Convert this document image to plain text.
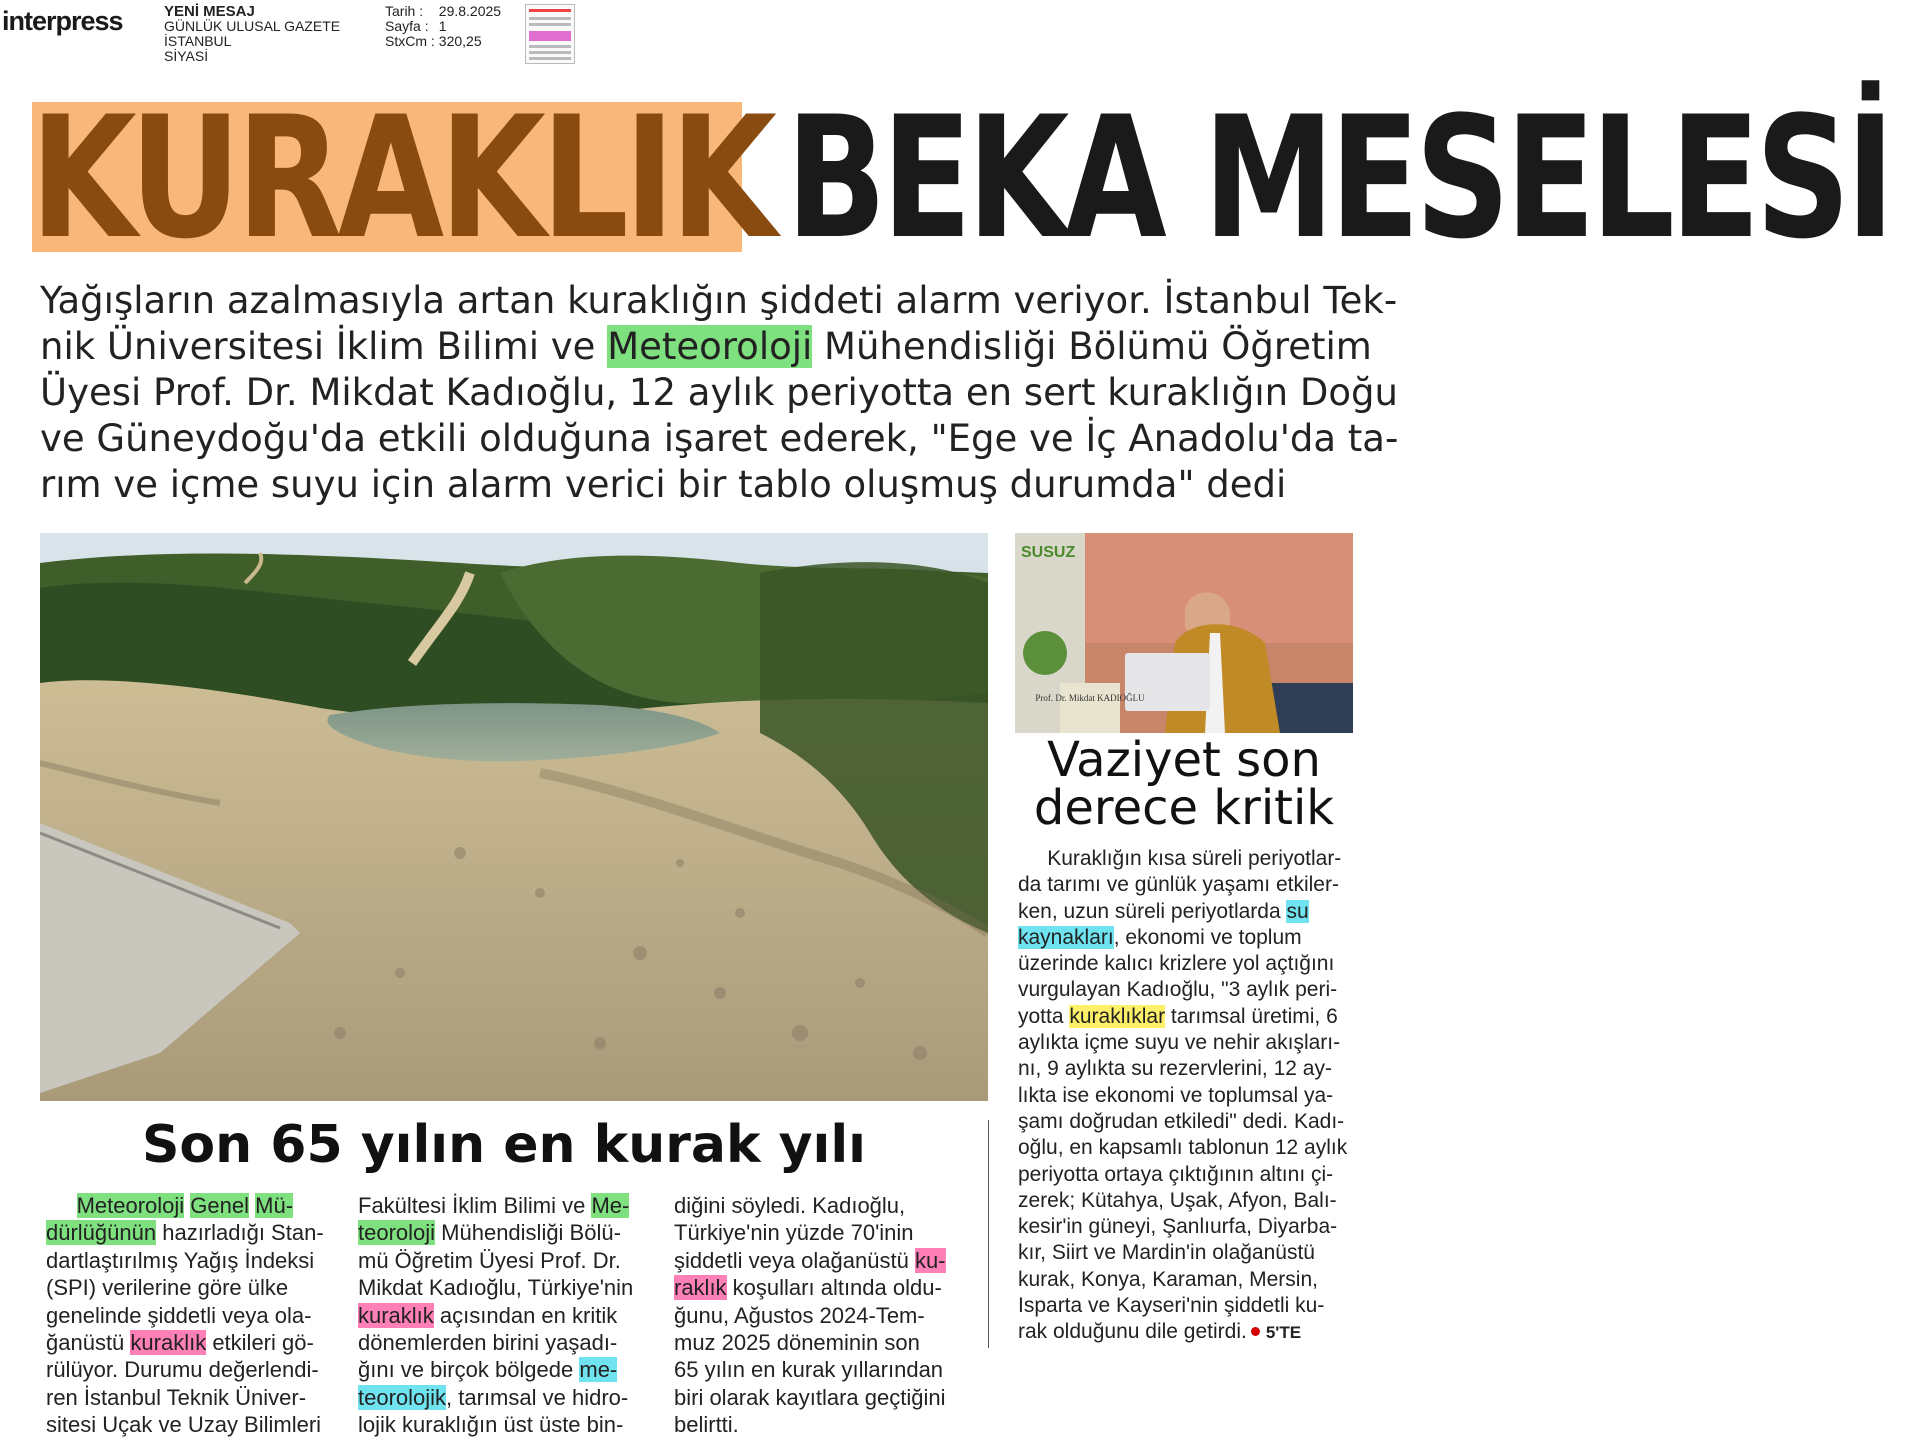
interpress	YENİ MESAJ
GÜNLÜK ULUSAL GAZETE
İSTANBUL
SİYASİ
Tarih :	29.8.2025
Sayfa :	1
StxCm :	320,25
KURAKLIK BEKA MESELESİ
Yağışların azalmasıyla artan kuraklığın şiddeti alarm veriyor. İstanbul Tek-
nik Üniversitesi İklim Bilimi ve Meteoroloji Mühendisliği Bölümü Öğretim
Üyesi Prof. Dr. Mikdat Kadıoğlu, 12 aylık periyotta en sert kuraklığın Doğu
ve Güneydoğu'da etkili olduğuna işaret ederek, "Ege ve İç Anadolu'da ta-
rım ve içme suyu için alarm verici bir tablo oluşmuş durumda" dedi
SUSUZ
Prof. Dr. Mikdat KADIOĞLU
Son 65 yılın en kurak yılı
Vaziyet son
derece kritik
Meteoroloji Genel Mü-
dürlüğünün hazırladığı Stan-
dartlaştırılmış Yağış İndeksi
(SPI) verilerine göre ülke
genelinde şiddetli veya ola-
ğanüstü kuraklık etkileri gö-
rülüyor. Durumu değerlendi-
ren İstanbul Teknik Üniver-
sitesi Uçak ve Uzay Bilimleri
Fakültesi İklim Bilimi ve Me-
teoroloji Mühendisliği Bölü-
mü Öğretim Üyesi Prof. Dr.
Mikdat Kadıoğlu, Türkiye'nin
kuraklık açısından en kritik
dönemlerden birini yaşadı-
ğını ve birçok bölgede me-
teorolojik, tarımsal ve hidro-
lojik kuraklığın üst üste bin-
diğini söyledi. Kadıoğlu,
Türkiye'nin yüzde 70'inin
şiddetli veya olağanüstü ku-
raklık koşulları altında oldu-
ğunu, Ağustos 2024-Tem-
muz 2025 döneminin son
65 yılın en kurak yıllarından
biri olarak kayıtlara geçtiğini
belirtti.
Kuraklığın kısa süreli periyotlar-
da tarımı ve günlük yaşamı etkiler-
ken, uzun süreli periyotlarda su
kaynakları, ekonomi ve toplum
üzerinde kalıcı krizlere yol açtığını
vurgulayan Kadıoğlu, "3 aylık peri-
yotta kuraklıklar tarımsal üretimi, 6
aylıkta içme suyu ve nehir akışları-
nı, 9 aylıkta su rezervlerini, 12 ay-
lıkta ise ekonomi ve toplumsal ya-
şamı doğrudan etkiledi" dedi. Kadı-
oğlu, en kapsamlı tablonun 12 aylık
periyotta ortaya çıktığının altını çi-
zerek; Kütahya, Uşak, Afyon, Balı-
kesir'in güneyi, Şanlıurfa, Diyarba-
kır, Siirt ve Mardin'in olağanüstü
kurak, Konya, Karaman, Mersin,
Isparta ve Kayseri'nin şiddetli ku-
rak olduğunu dile getirdi. 5'TE
